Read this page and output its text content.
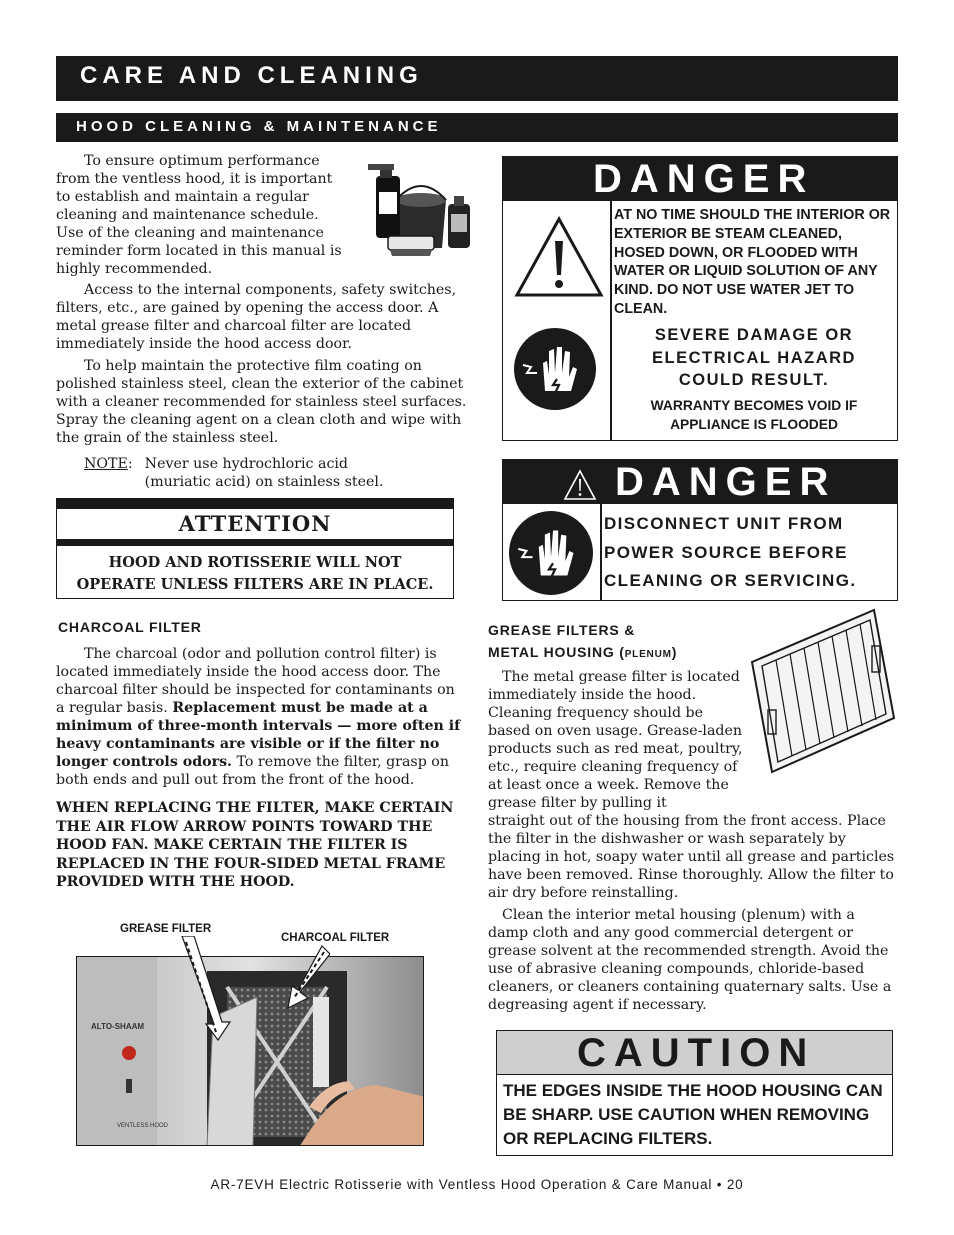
CARE AND CLEANING
HOOD CLEANING & MAINTENANCE

To ensure optimum performance from the ventless hood, it is important to establish and maintain a regular cleaning and maintenance schedule. Use of the cleaning and maintenance reminder form located in this manual is highly recommended.

Access to the internal components, safety switches, filters, etc., are gained by opening the access door. A metal grease filter and charcoal filter are located immediately inside the hood access door.

To help maintain the protective film coating on polished stainless steel, clean the exterior of the cabinet with a cleaner recommended for stainless steel surfaces. Spray the cleaning agent on a clean cloth and wipe with the grain of the stainless steel.

NOTE : Never use hydrochloric acid (muriatic acid) on stainless steel.
ATTENTION
HOOD AND ROTISSERIE WILL NOT
OPERATE UNLESS FILTERS ARE IN PLACE.
DANGER
AT NO TIME SHOULD THE INTERIOR OR EXTERIOR BE STEAM CLEANED, HOSED DOWN, OR FLOODED WITH WATER OR LIQUID SOLUTION OF ANY KIND. DO NOT USE WATER JET TO CLEAN.
SEVERE DAMAGE OR
ELECTRICAL HAZARD
COULD RESULT.
WARRANTY BECOMES VOID IF
APPLIANCE IS FLOODED
DANGER
DISCONNECT UNIT FROM
POWER SOURCE BEFORE
CLEANING OR SERVICING.
CHARCOAL FILTER

The charcoal (odor and pollution control filter) is located immediately inside the hood access door. The charcoal filter should be inspected for contaminants on a regular basis. Replacement must be made at a minimum of three-month intervals — more often if heavy contaminants are visible or if the filter no longer controls odors. To remove the filter, grasp on both ends and pull out from the front of the hood.

WHEN REPLACING THE FILTER, MAKE CERTAIN THE AIR FLOW ARROW POINTS TOWARD THE HOOD FAN. MAKE CERTAIN THE FILTER IS REPLACED IN THE FOUR-SIDED METAL FRAME PROVIDED WITH THE HOOD.

GREASE FILTER
CHARCOAL FILTER
ALTO-SHAAM
VENTLESS HOOD
GREASE FILTERS &
METAL HOUSING (PLENUM)

The metal grease filter is located immediately inside the hood. Cleaning frequency should be based on oven usage. Grease-laden products such as red meat, poultry, etc., require cleaning frequency of at least once a week. Remove the grease filter by pulling it

straight out of the housing from the front access. Place the filter in the dishwasher or wash separately by placing in hot, soapy water until all grease and particles have been removed. Rinse thoroughly. Allow the filter to air dry before reinstalling.

Clean the interior metal housing (plenum) with a damp cloth and any good commercial detergent or grease solvent at the recommended strength. Avoid the use of abrasive cleaning compounds, chloride-based cleaners, or cleaners containing quaternary salts. Use a degreasing agent if necessary.

CAUTION
THE EDGES INSIDE THE HOOD HOUSING CAN BE SHARP. USE CAUTION WHEN REMOVING OR REPLACING FILTERS.
AR-7EVH Electric Rotisserie with Ventless Hood Operation & Care Manual • 20
